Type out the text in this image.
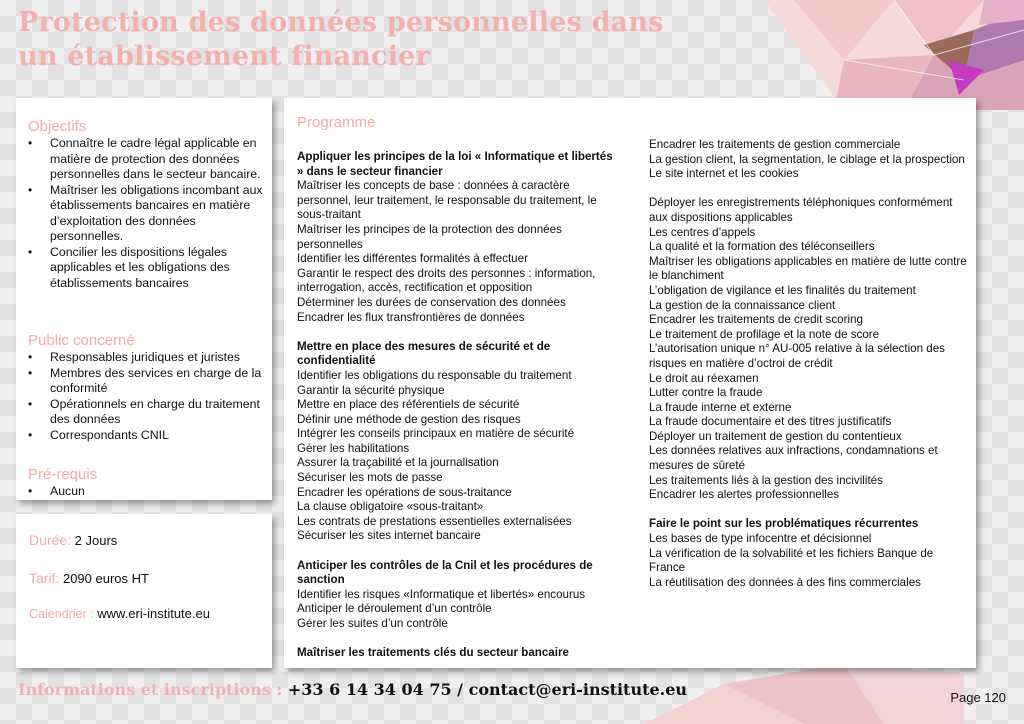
Protection des données personnelles dans
un établissement financier
Objectifs
• Connaître le cadre légal applicable en matière de protection des données personnelles dans le secteur bancaire.
• Maîtriser les obligations incombant aux établissements bancaires en matière d’exploitation des données personnelles.
• Concilier les dispositions légales applicables et les obligations des établissements bancaires
Public concerné
• Responsables juridiques et juristes
• Membres des services en charge de la conformité
• Opérationnels en charge du traitement des données
• Correspondants CNIL
Pré-requis
• Aucun
Durée: 2 Jours
Tarif: 2090 euros HT
Calendrier : www.eri-institute.eu
Programme
Appliquer les principes de la loi « Informatique et libertés » dans le secteur financier
Maîtriser les concepts de base : données à caractère personnel, leur traitement, le responsable du traitement, le sous-traitant
Maîtriser les principes de la protection des données personnelles
Identifier les différentes formalités à effectuer
Garantir le respect des droits des personnes : information, interrogation, accès, rectification et opposition
Déterminer les durées de conservation des données
Encadrer les flux transfrontières de données
Mettre en place des mesures de sécurité et de confidentialité
Identifier les obligations du responsable du traitement
Garantir la sécurité physique
Mettre en place des référentiels de sécurité
Définir une méthode de gestion des risques
Intégrer les conseils principaux en matière de sécurité
Gérer les habilitations
Assurer la traçabilité et la journalisation
Sécuriser les mots de passe
Encadrer les opérations de sous-traitance
La clause obligatoire «sous-traitant»
Les contrats de prestations essentielles externalisées
Sécuriser les sites internet bancaire
Anticiper les contrôles de la Cnil et les procédures de sanction
Identifier les risques «Informatique et libertés» encourus
Anticiper le déroulement d’un contrôle
Gérer les suites d’un contrôle
Maîtriser les traitements clés du secteur bancaire
Encadrer les traitements de gestion commerciale
La gestion client, la segmentation, le ciblage et la prospection
Le site internet et les cookies
Déployer les enregistrements téléphoniques conformément aux dispositions applicables
Les centres d’appels
La qualité et la formation des téléconseillers
Maîtriser les obligations applicables en matière de lutte contre le blanchiment
L’obligation de vigilance et les finalités du traitement
La gestion de la connaissance client
Encadrer les traitements de credit scoring
Le traitement de profilage et la note de score
L’autorisation unique n° AU-005 relative à la sélection des risques en matière d’octroi de crédit
Le droit au réexamen
Lutter contre la fraude
La fraude interne et externe
La fraude documentaire et des titres justificatifs
Déployer un traitement de gestion du contentieux
Les données relatives aux infractions, condamnations et mesures de sûreté
Les traitements liés à la gestion des incivilités
Encadrer les alertes professionnelles
Faire le point sur les problématiques récurrentes
Les bases de type infocentre et décisionnel
La vérification de la solvabilité et les fichiers Banque de France
La réutilisation des données à des fins commerciales
Informations et inscriptions : +33 6 14 34 04 75 / contact@eri-institute.eu	Page 120
